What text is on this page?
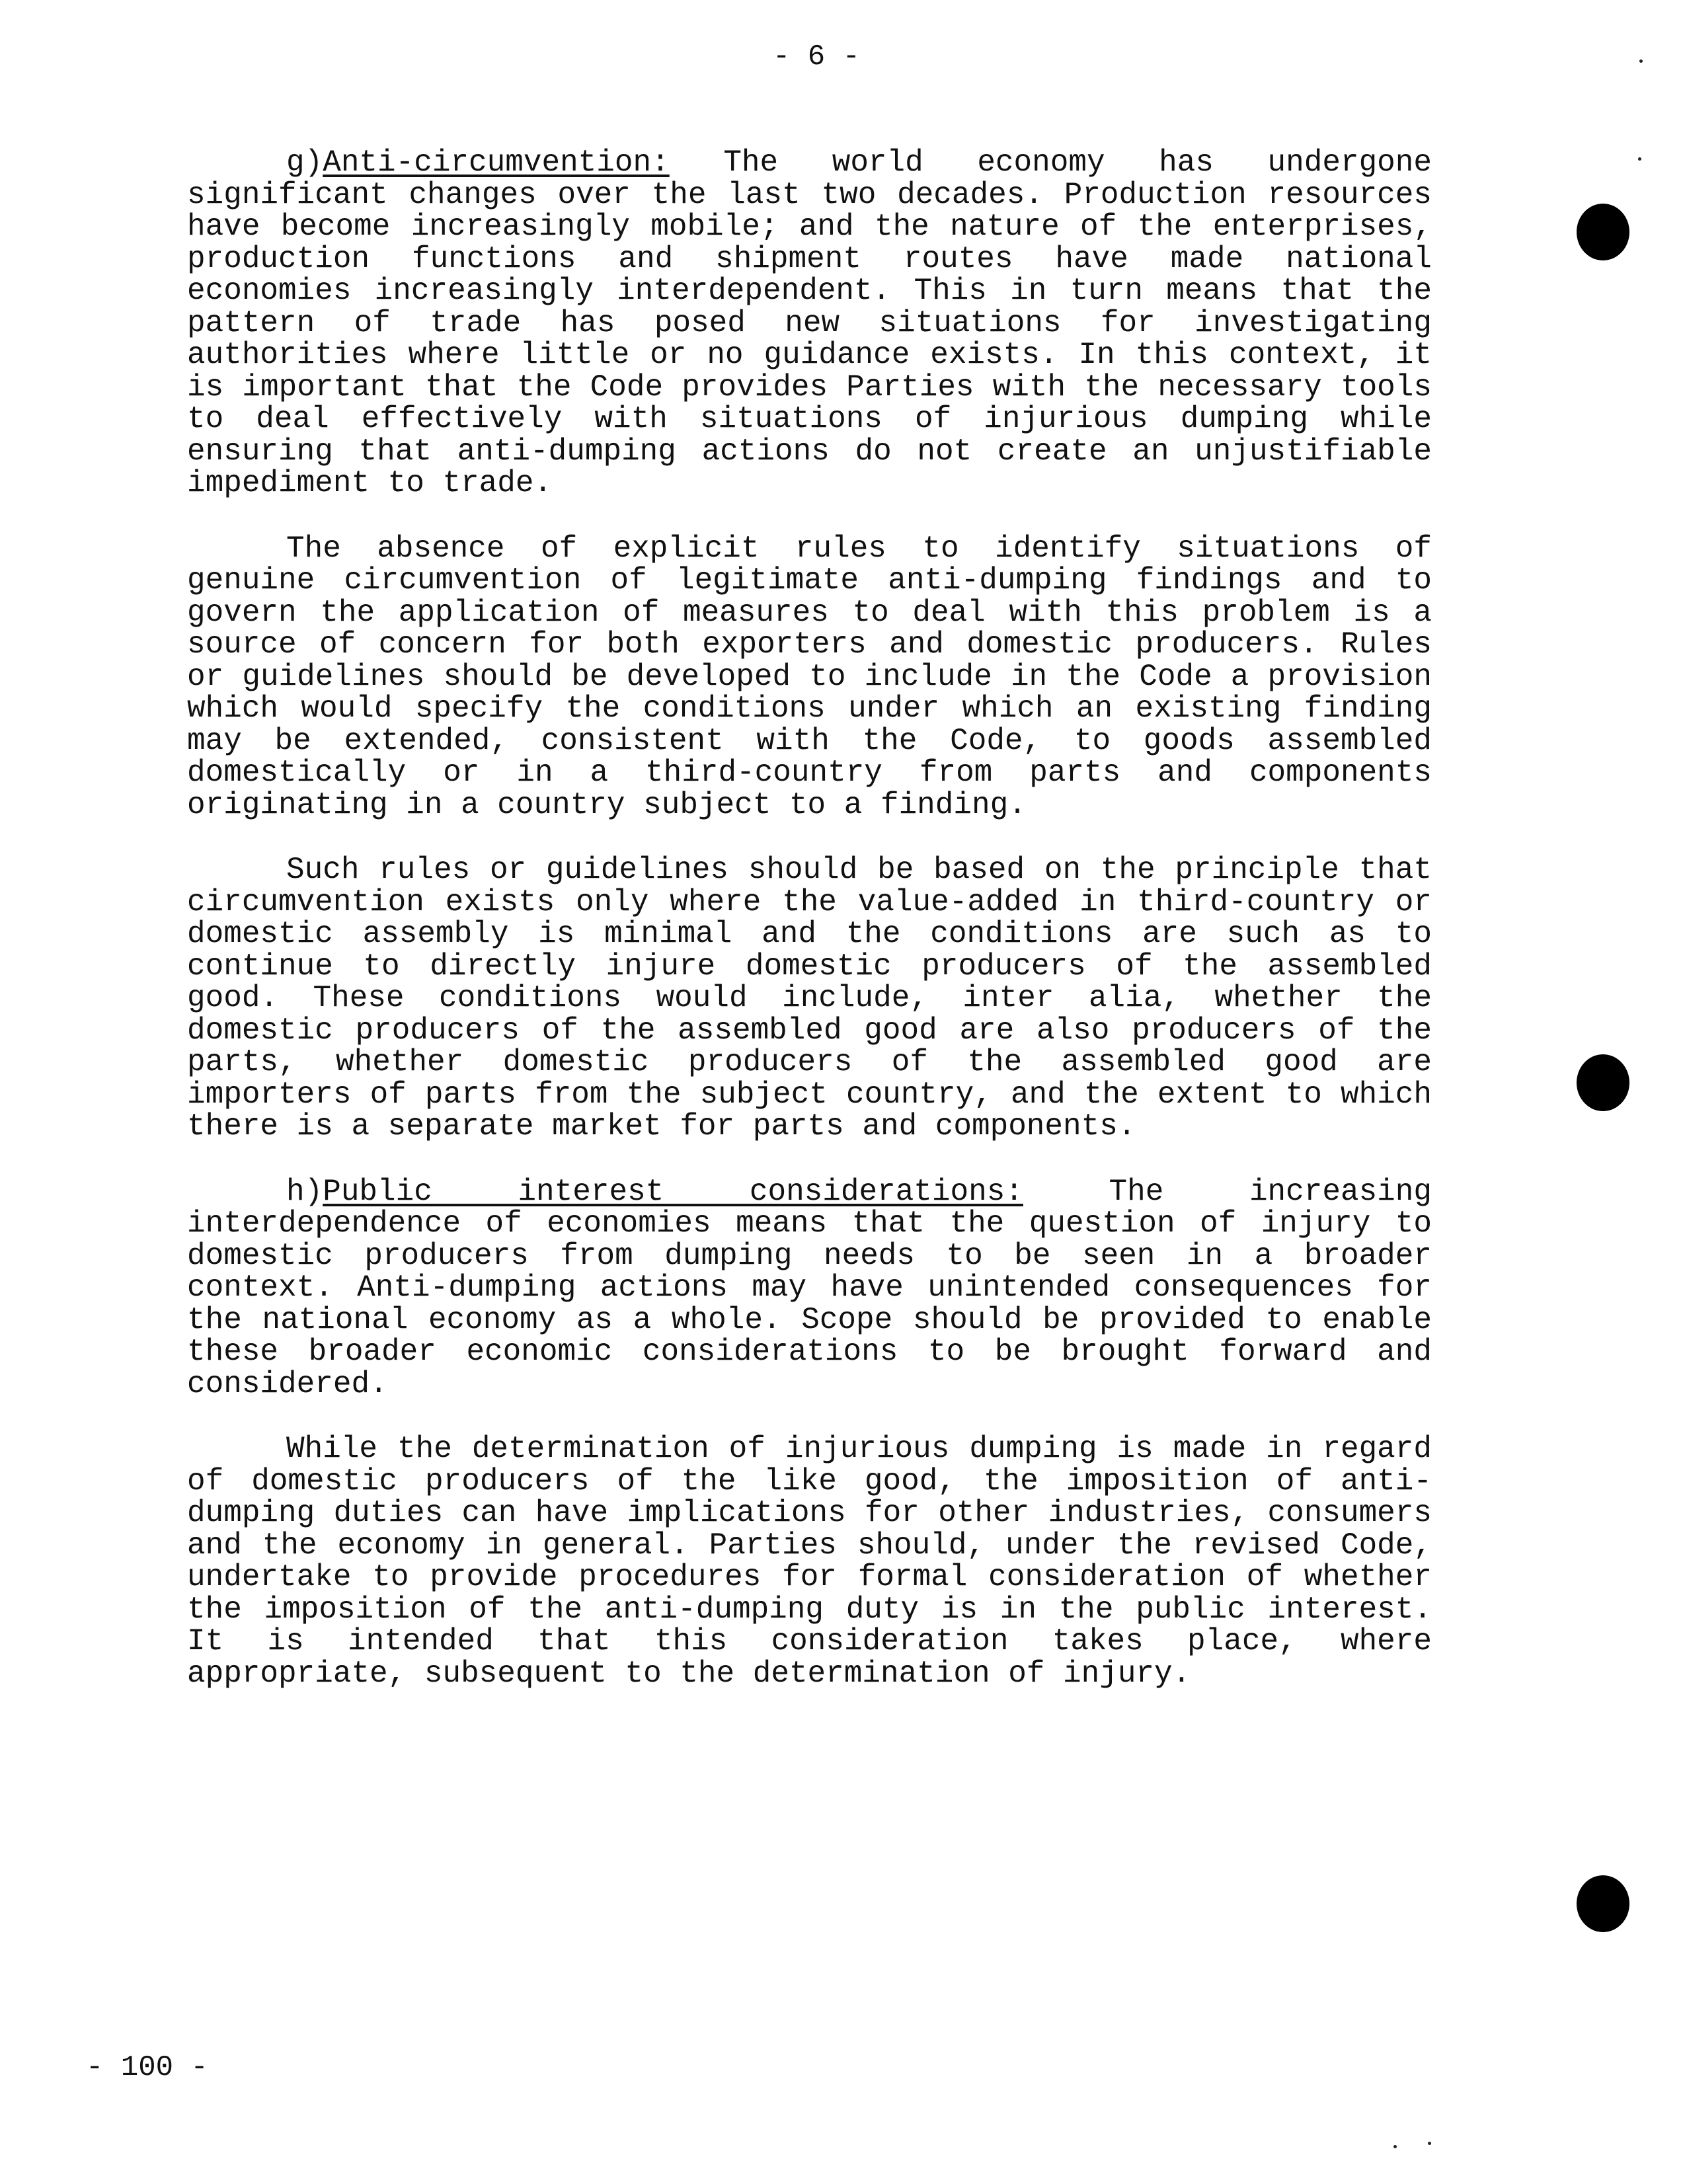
- 6 -

g)Anti-circumvention: The world economy has undergone significant changes over the last two decades. Production resources have become increasingly mobile; and the nature of the enterprises, production functions and shipment routes have made national economies increasingly interdependent. This in turn means that the pattern of trade has posed new situations for investigating authorities where little or no guidance exists. In this context, it is important that the Code provides Parties with the necessary tools to deal effectively with situations of injurious dumping while ensuring that anti-dumping actions do not create an unjustifiable impediment to trade.

The absence of explicit rules to identify situations of genuine circumvention of legitimate anti-dumping findings and to govern the application of measures to deal with this problem is a source of concern for both exporters and domestic producers. Rules or guidelines should be developed to include in the Code a provision which would specify the conditions under which an existing finding may be extended, consistent with the Code, to goods assembled domestically or in a third-country from parts and components originating in a country subject to a finding.

Such rules or guidelines should be based on the principle that circumvention exists only where the value-added in third-country or domestic assembly is minimal and the conditions are such as to continue to directly injure domestic producers of the assembled good. These conditions would include, inter alia, whether the domestic producers of the assembled good are also producers of the parts, whether domestic producers of the assembled good are importers of parts from the subject country, and the extent to which there is a separate market for parts and components.

h)Public interest considerations:	The increasing interdependence of economies means that the question of injury to domestic producers from dumping needs to be seen in a broader context. Anti-dumping actions may have unintended consequences for the national economy as a whole. Scope should be provided to enable these broader economic considerations to be brought forward and considered.

While the determination of injurious dumping is made in regard of domestic producers of the like good, the imposition of anti-dumping duties can have implications for other industries, consumers and the economy in general. Parties should, under the revised Code, undertake to provide procedures for formal consideration of whether the imposition of the anti-dumping duty is in the public interest. It is intended that this consideration takes place, where appropriate, subsequent to the determination of injury.

- 100 -
